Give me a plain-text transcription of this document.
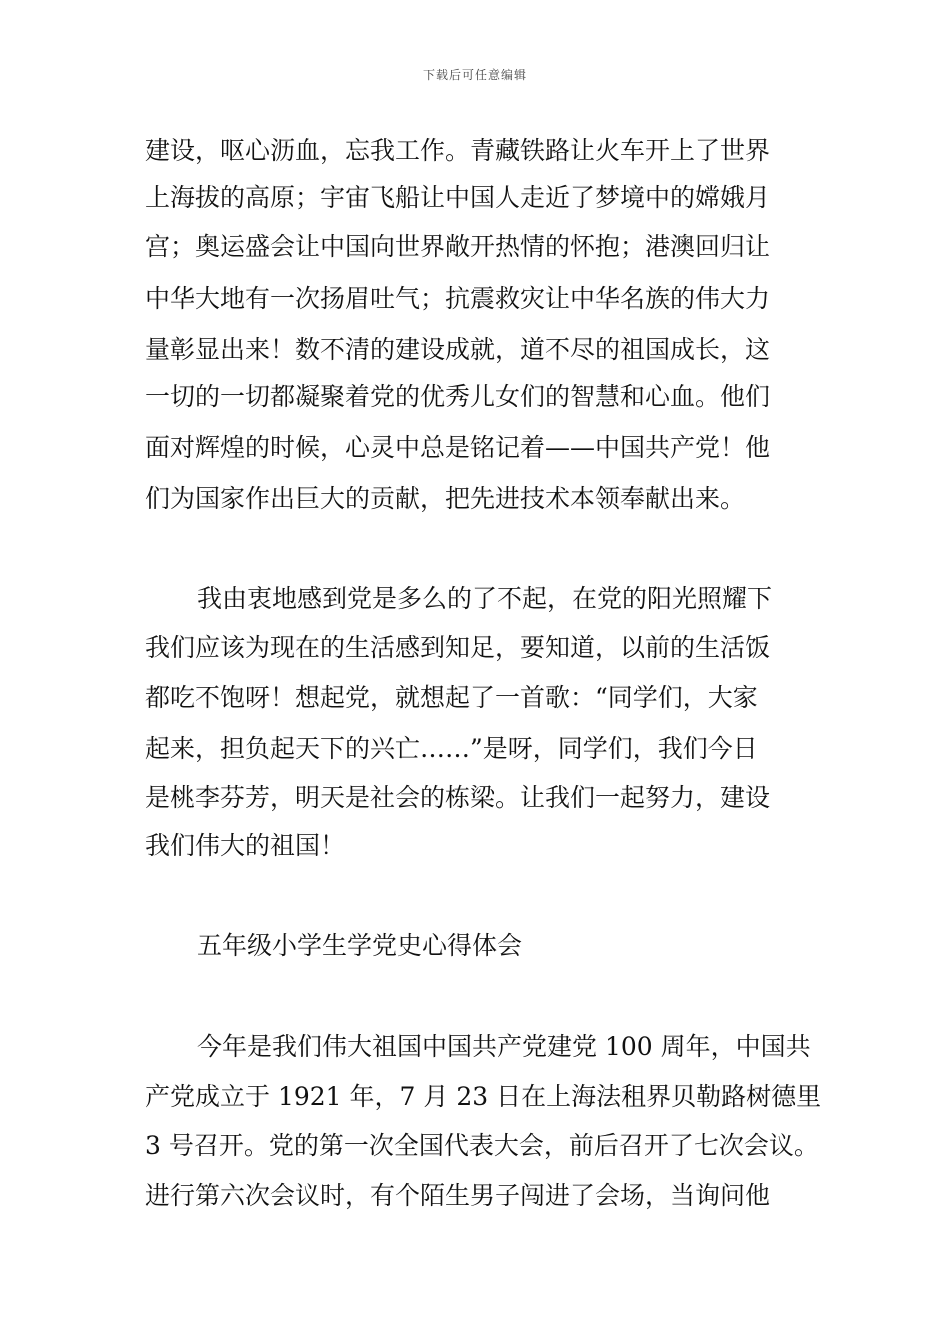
下载后可任意编辑
建设，呕心沥血，忘我工作。青藏铁路让火车开上了世界
上海拔的高原；宇宙飞船让中国人走近了梦境中的嫦娥月
宫；奥运盛会让中国向世界敞开热情的怀抱；港澳回归让
中华大地有一次扬眉吐气；抗震救灾让中华名族的伟大力
量彰显出来！数不清的建设成就，道不尽的祖国成长，这
一切的一切都凝聚着党的优秀儿女们的智慧和心血。他们
面对辉煌的时候，心灵中总是铭记着——中国共产党！他
们为国家作出巨大的贡献，把先进技术本领奉献出来。
我由衷地感到党是多么的了不起，在党的阳光照耀下
我们应该为现在的生活感到知足，要知道，以前的生活饭
都吃不饱呀！想起党，就想起了一首歌：“同学们，大家
起来，担负起天下的兴亡……”是呀，同学们，我们今日
是桃李芬芳，明天是社会的栋梁。让我们一起努力，建设
我们伟大的祖国！
五年级小学生学党史心得体会
今年是我们伟大祖国中国共产党建党 100 周年，中国共
产党成立于 1921 年，7 月 23 日在上海法租界贝勒路树德里
3 号召开。党的第一次全国代表大会，前后召开了七次会议。
进行第六次会议时，有个陌生男子闯进了会场，当询问他
